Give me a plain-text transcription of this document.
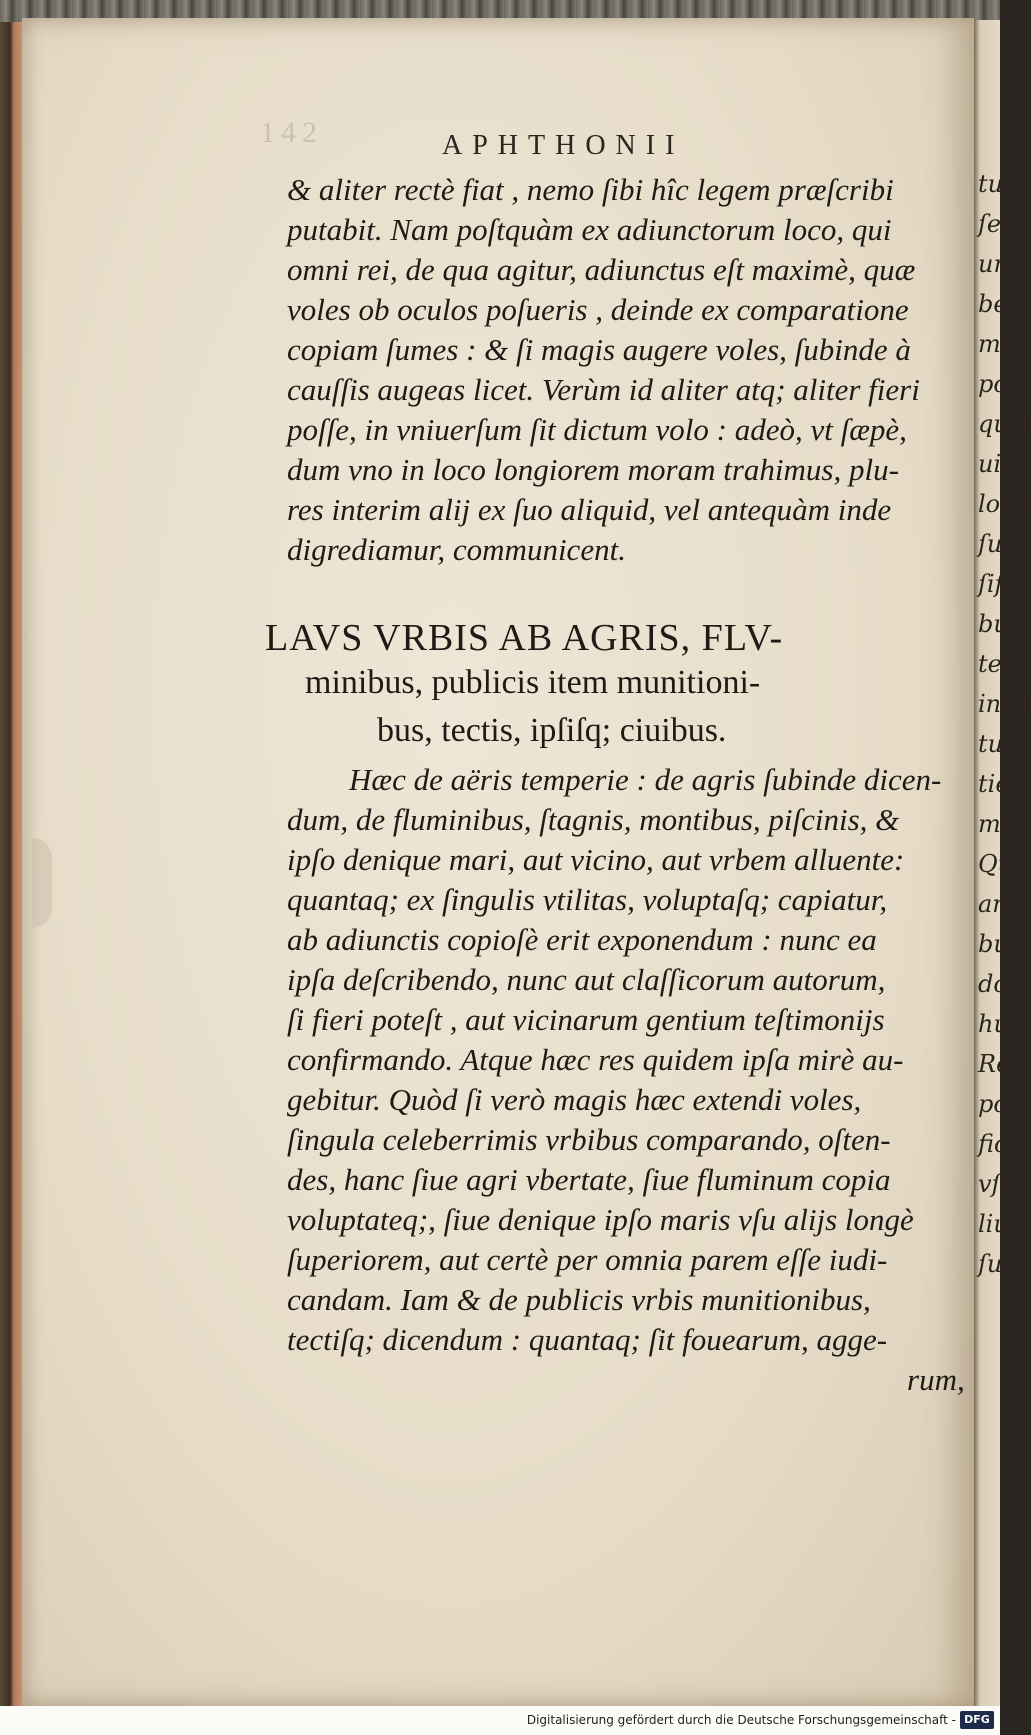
142	APHTHONII
& aliter rectè fiat , nemo ſibi hîc legem præſcribi
putabit. Nam poſtquàm ex adiunctorum loco, qui
omni rei, de qua agitur, adiunctus eſt maximè, quæ
voles ob oculos poſueris , deinde ex comparatione
copiam ſumes : & ſi magis augere voles, ſubinde à
cauſſis augeas licet. Verùm id aliter atq; aliter fieri
poſſe, in vniuerſum ſit dictum volo : adeò, vt ſæpè,
dum vno in loco longiorem moram trahimus, plu-
res interim alij ex ſuo aliquid, vel antequàm inde
digrediamur, communicent.
LAVS VRBIS AB AGRIS, FLV-
minibus, publicis item munitioni-
bus, tectis, ipſiſq; ciuibus.
Hæc de aëris temperie : de agris ſubinde dicen-
dum, de fluminibus, ſtagnis, montibus, piſcinis, &
ipſo denique mari, aut vicino, aut vrbem alluente:
quantaq; ex ſingulis vtilitas, voluptaſq; capiatur,
ab adiunctis copioſè erit exponendum : nunc ea
ipſa deſcribendo, nunc aut claſſicorum autorum,
ſi fieri poteſt , aut vicinarum gentium teſtimonijs
confirmando. Atque hæc res quidem ipſa mirè au-
gebitur. Quòd ſi verò magis hæc extendi voles,
ſingula celeberrimis vrbibus comparando, oſten-
des, hanc ſiue agri vbertate, ſiue fluminum copia
voluptateq;, ſiue denique ipſo maris vſu alijs longè
ſuperiorem, aut certè per omnia parem eſſe iudi-
candam. Iam & de publicis vrbis munitionibus,
tectiſq; dicendum : quantaq; ſit fouearum, agge-
rum,
tun
ſen
um
bell
mo
poſ
quæ
uig
loco
ſum
ſiſt
bus
tem
inde
tum
tien
mu
Qu
am
bus
do,
hu
Reg
poſ
fice
vſu
lius
ſun
Digitalisierung gefördert durch die Deutsche Forschungsgemeinschaft - DFG
